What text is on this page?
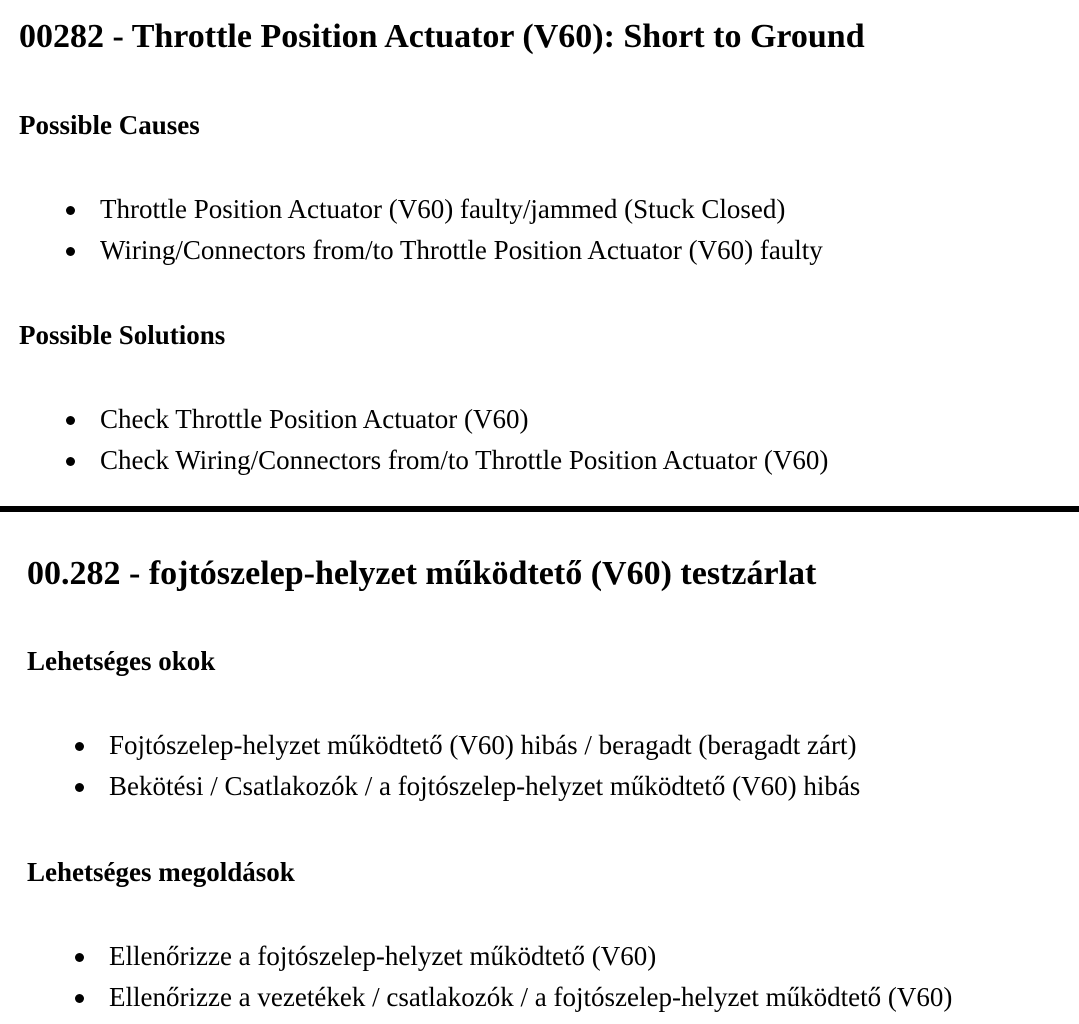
00282 - Throttle Position Actuator (V60): Short to Ground
Possible Causes
Throttle Position Actuator (V60) faulty/jammed (Stuck Closed)
Wiring/Connectors from/to Throttle Position Actuator (V60) faulty
Possible Solutions
Check Throttle Position Actuator (V60)
Check Wiring/Connectors from/to Throttle Position Actuator (V60)
00.282 - fojtószelep-helyzet működtető (V60) testzárlat
Lehetséges okok
Fojtószelep-helyzet működtető (V60) hibás / beragadt (beragadt zárt)
Bekötési / Csatlakozók / a fojtószelep-helyzet működtető (V60) hibás
Lehetséges megoldások
Ellenőrizze a fojtószelep-helyzet működtető (V60)
Ellenőrizze a vezetékek / csatlakozók / a fojtószelep-helyzet működtető (V60)
